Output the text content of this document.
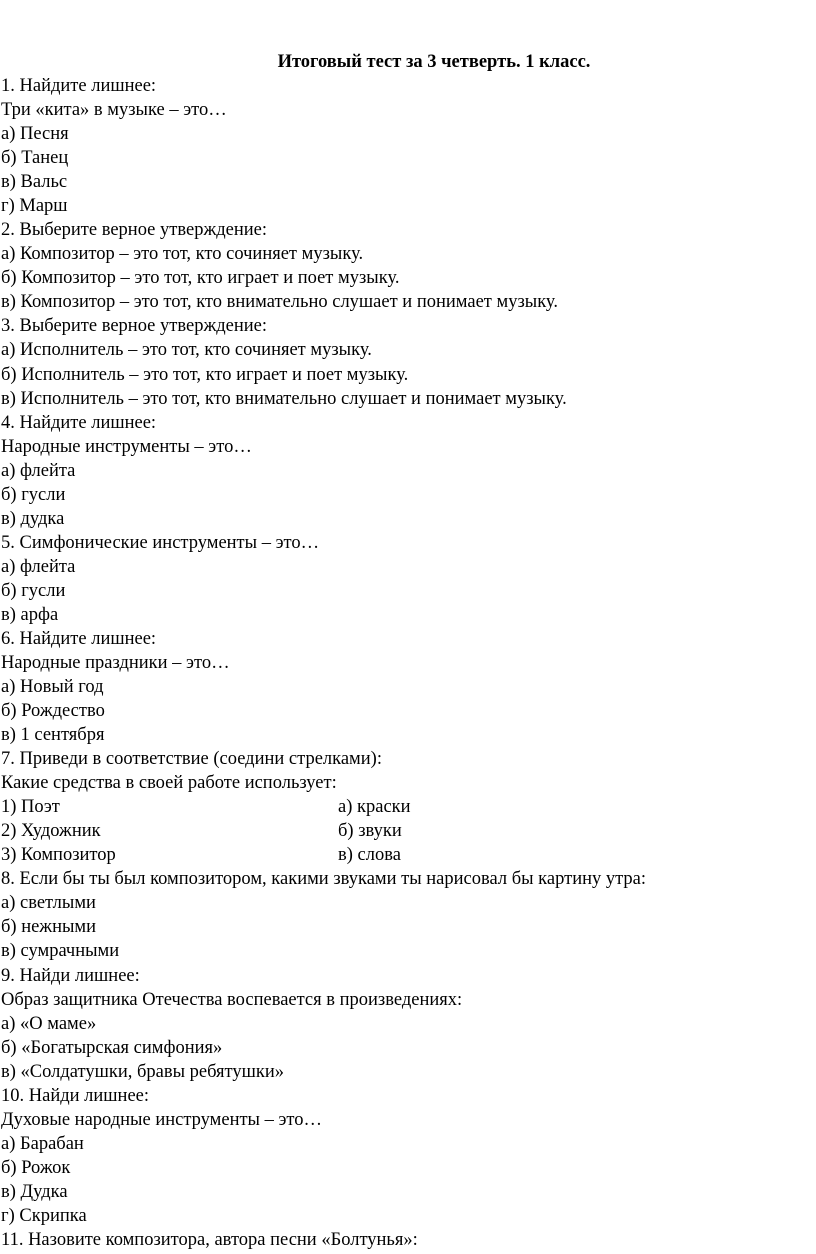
Итоговый тест за 3 четверть. 1 класс.
1. Найдите лишнее:
Три «кита» в музыке – это…
а) Песня
б) Танец
в) Вальс
г) Марш
2. Выберите верное утверждение:
а) Композитор – это тот, кто сочиняет музыку.
б) Композитор – это тот, кто играет и поет музыку.
в) Композитор – это тот, кто внимательно слушает и понимает музыку.
3. Выберите верное утверждение:
а) Исполнитель – это тот, кто сочиняет музыку.
б) Исполнитель – это тот, кто играет и поет музыку.
в) Исполнитель – это тот, кто внимательно слушает и понимает музыку.
4. Найдите лишнее:
Народные инструменты – это…
а) флейта
б) гусли
в) дудка
5. Симфонические инструменты – это…
а) флейта
б) гусли
в) арфа
6. Найдите лишнее:
Народные праздники – это…
а) Новый год
б) Рождество
в) 1 сентября
7. Приведи в соответствие (соедини стрелками):
Какие средства в своей работе использует:
1) Поэт	а) краски
2) Художник	б) звуки
3) Композитор	в) слова
8. Если бы ты был композитором, какими звуками ты нарисовал бы картину утра:
а) светлыми
б) нежными
в) сумрачными
9. Найди лишнее:
Образ защитника Отечества воспевается в произведениях:
а) «О маме»
б) «Богатырская симфония»
в) «Солдатушки, бравы ребятушки»
10. Найди лишнее:
Духовые народные инструменты – это…
а) Барабан
б) Рожок
в) Дудка
г) Скрипка
11. Назовите композитора, автора песни «Болтунья»:
